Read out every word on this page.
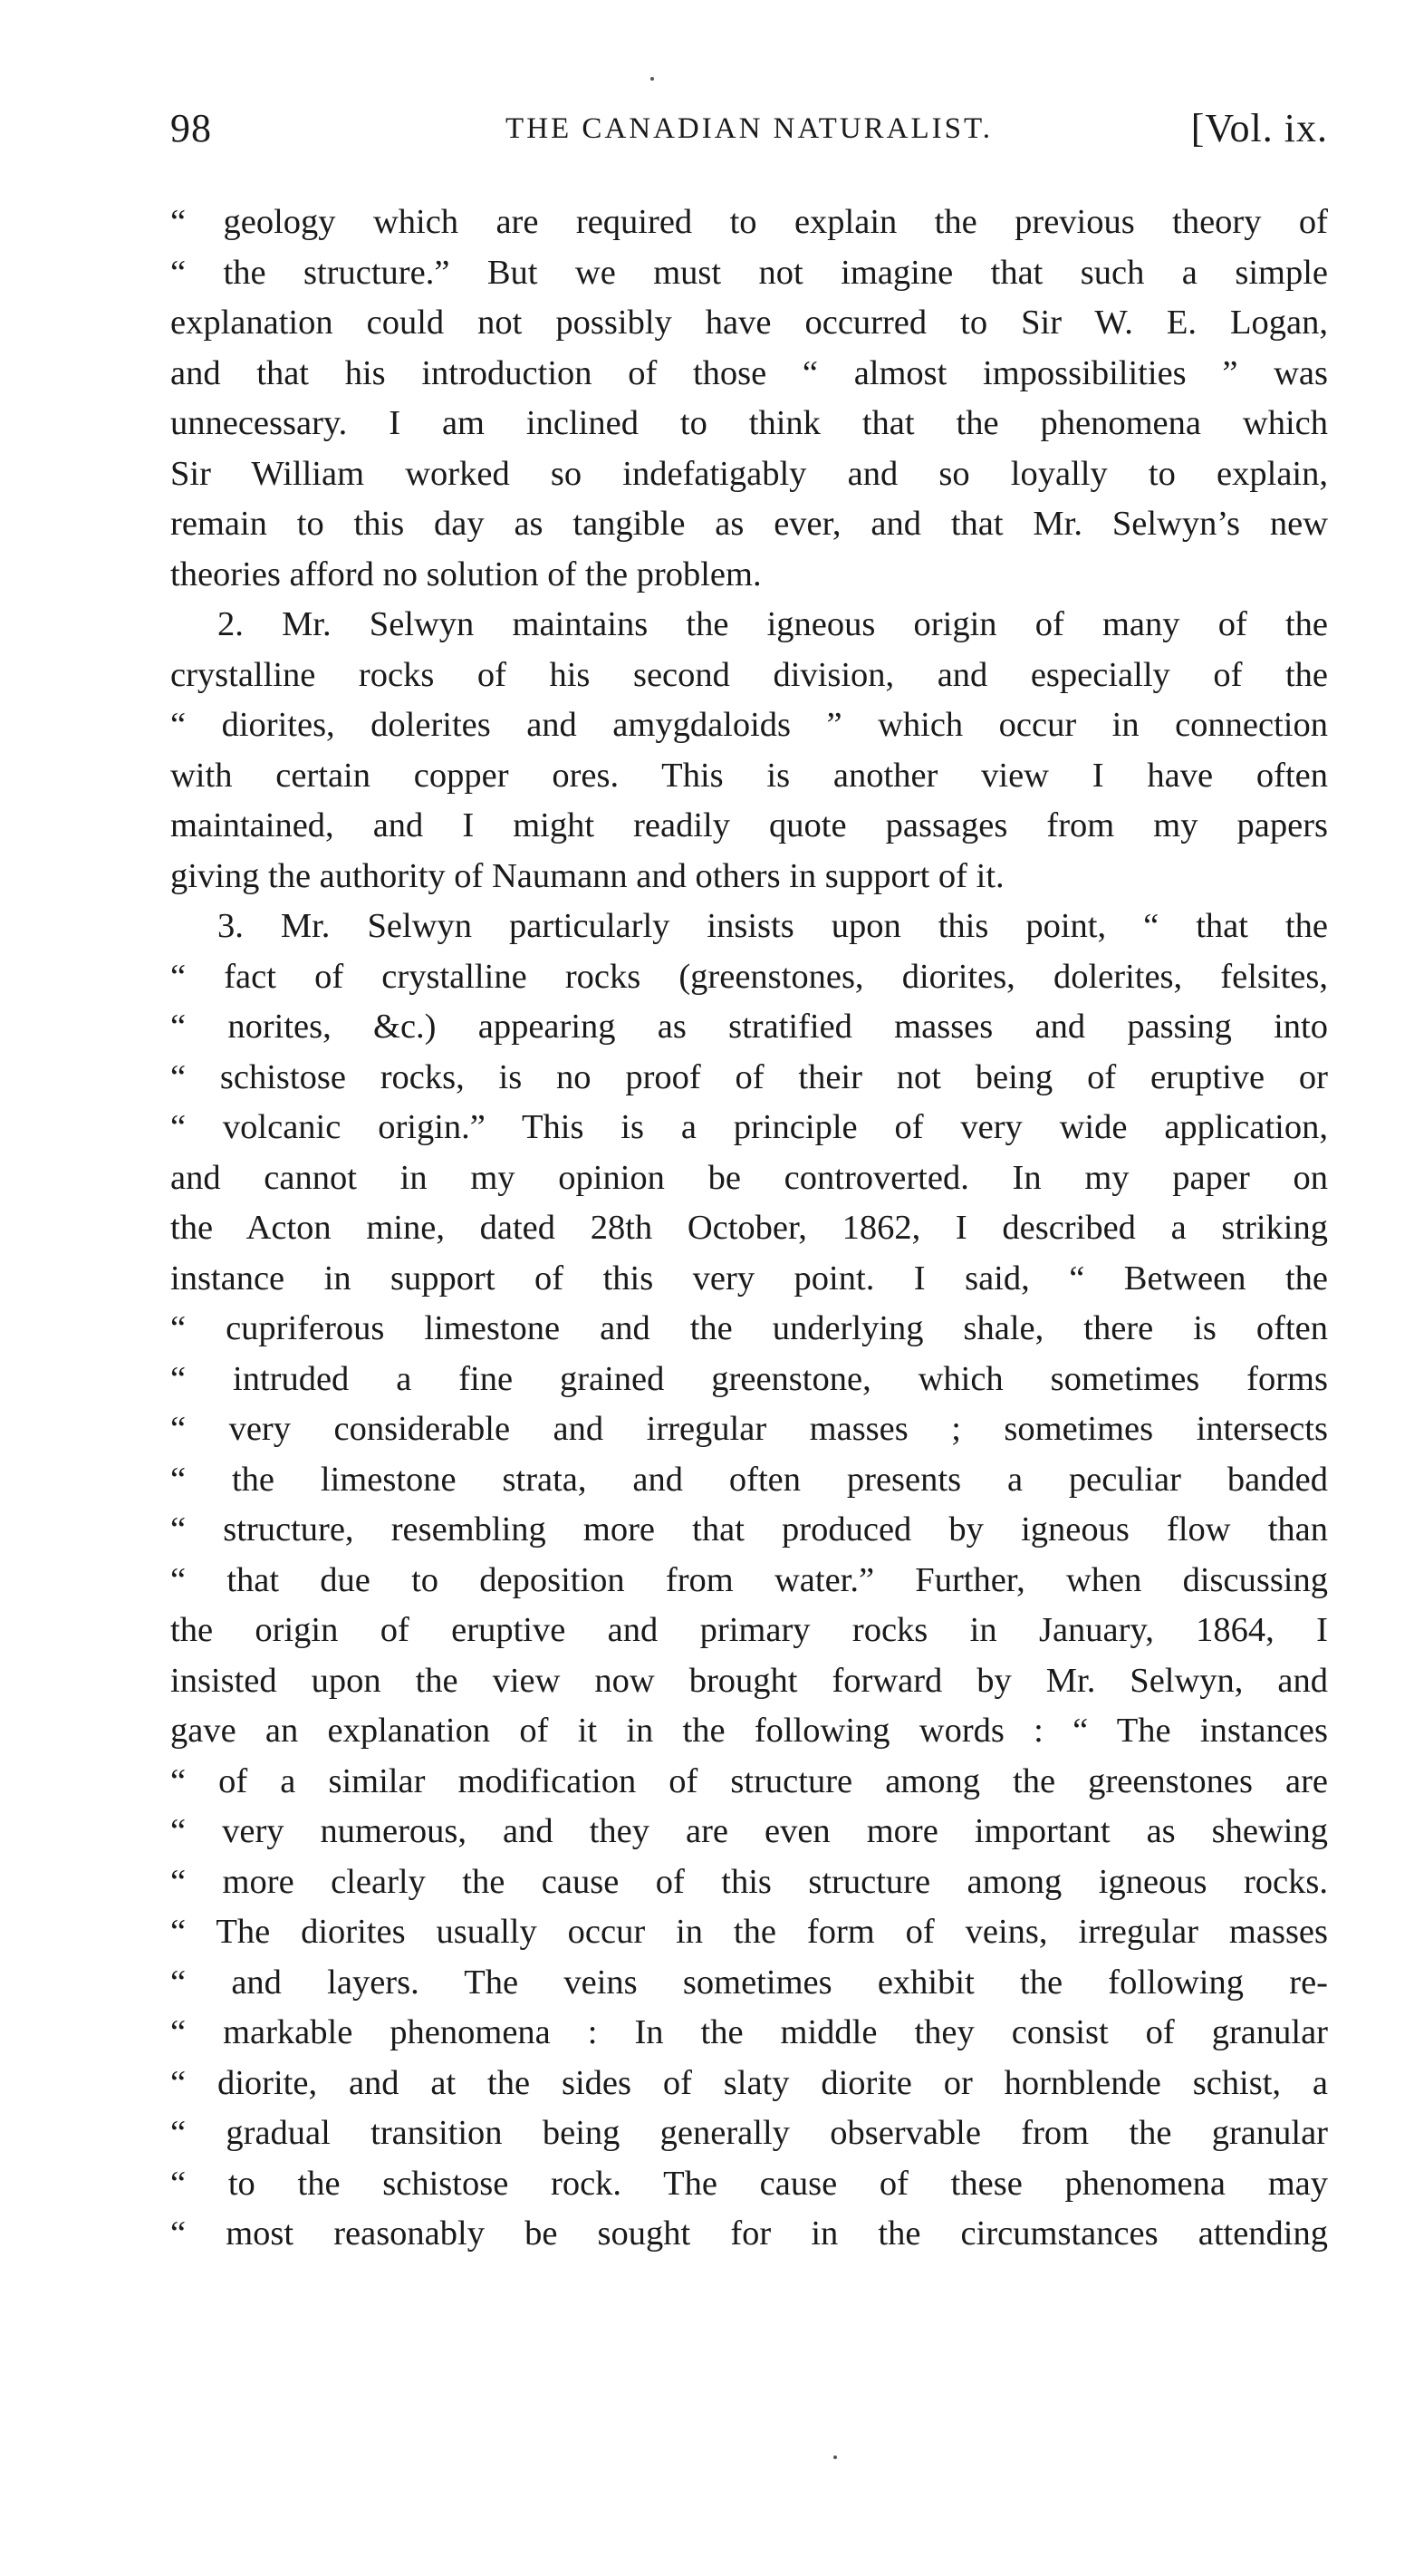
98	THE CANADIAN NATURALIST.	[Vol. ix.
“ geology which are required to explain the previous theory of
“ the structure.” But we must not imagine that such a simple
explanation could not possibly have occurred to Sir W. E. Logan,
and that his introduction of those “ almost impossibilities ” was
unnecessary. I am inclined to think that the phenomena which
Sir William worked so indefatigably and so loyally to explain,
remain to this day as tangible as ever, and that Mr. Selwyn’s new
theories afford no solution of the problem.
2. Mr. Selwyn maintains the igneous origin of many of the
crystalline rocks of his second division, and especially of the
“ diorites, dolerites and amygdaloids ” which occur in connection
with certain copper ores. This is another view I have often
maintained, and I might readily quote passages from my papers
giving the authority of Naumann and others in support of it.
3. Mr. Selwyn particularly insists upon this point, “ that the
“ fact of crystalline rocks (greenstones, diorites, dolerites, felsites,
“ norites, &c.) appearing as stratified masses and passing into
“ schistose rocks, is no proof of their not being of eruptive or
“ volcanic origin.” This is a principle of very wide application,
and cannot in my opinion be controverted. In my paper on
the Acton mine, dated 28th October, 1862, I described a striking
instance in support of this very point. I said, “ Between the
“ cupriferous limestone and the underlying shale, there is often
“ intruded a fine grained greenstone, which sometimes forms
“ very considerable and irregular masses ; sometimes intersects
“ the limestone strata, and often presents a peculiar banded
“ structure, resembling more that produced by igneous flow than
“ that due to deposition from water.” Further, when discussing
the origin of eruptive and primary rocks in January, 1864, I
insisted upon the view now brought forward by Mr. Selwyn, and
gave an explanation of it in the following words : “ The instances
“ of a similar modification of structure among the greenstones are
“ very numerous, and they are even more important as shewing
“ more clearly the cause of this structure among igneous rocks.
“ The diorites usually occur in the form of veins, irregular masses
“ and layers. The veins sometimes exhibit the following re-
“ markable phenomena : In the middle they consist of granular
“ diorite, and at the sides of slaty diorite or hornblende schist, a
“ gradual transition being generally observable from the granular
“ to the schistose rock. The cause of these phenomena may
“ most reasonably be sought for in the circumstances attending
